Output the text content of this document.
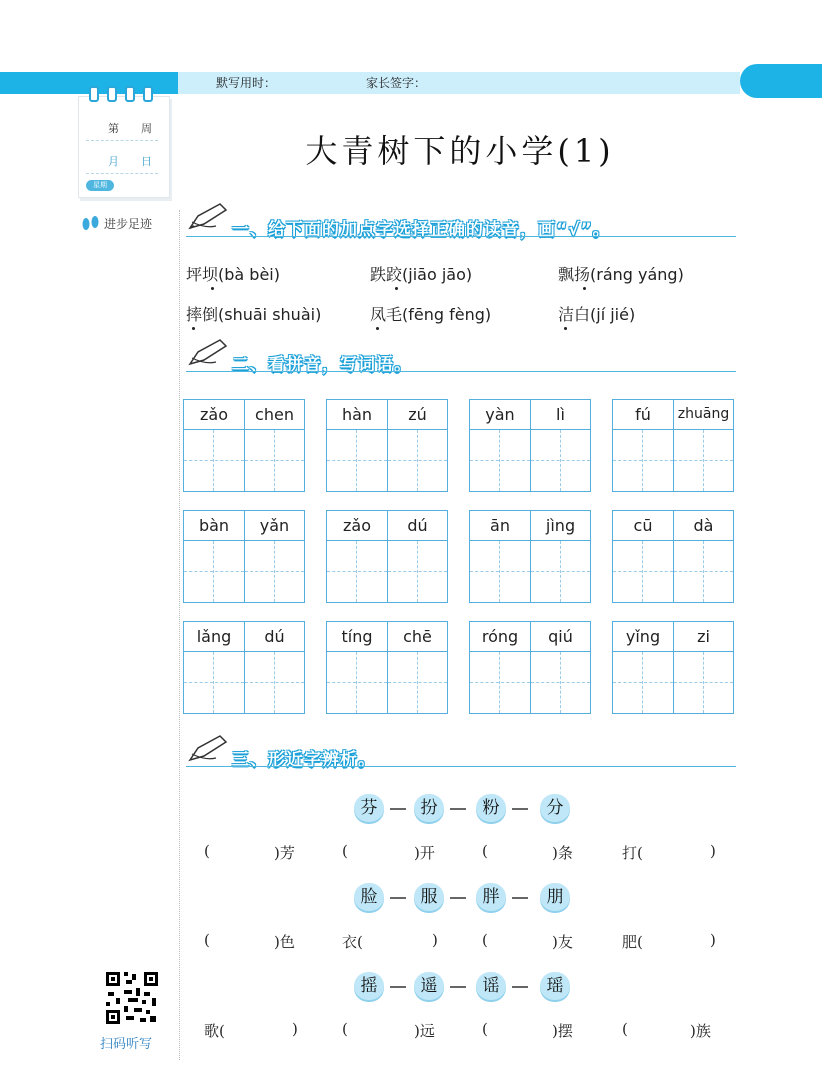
默写用时：	家长签字：
第　　周
月　　日
星期
进步足迹
大青树下的小学(1)
一、给下面的加点字选择正确的读音，画“√”。
坪坝(bà bèi)	跌跤(jiāo jāo)	飘扬(ráng yáng)
摔倒(shuāi shuài)	凤毛(fēng fèng)	洁白(jí jié)
二、看拼音，写词语。
zǎo	chen	hàn	zú	yàn	lì	fú	zhuāng
bàn	yǎn	zǎo	dú	ān	jìng	cū	dà
lǎng	dú	tíng	chē	róng	qiú	yǐng	zi
三、形近字辨析。
芬	扮	粉	分
(	)芳	(	)开	(	)条	打(	)
脸	服	胖	朋
(	)色	衣(	)	(	)友	肥(	)
摇	遥	谣	瑶
歌(	)	(	)远	(	)摆	(	)族
扫码听写
